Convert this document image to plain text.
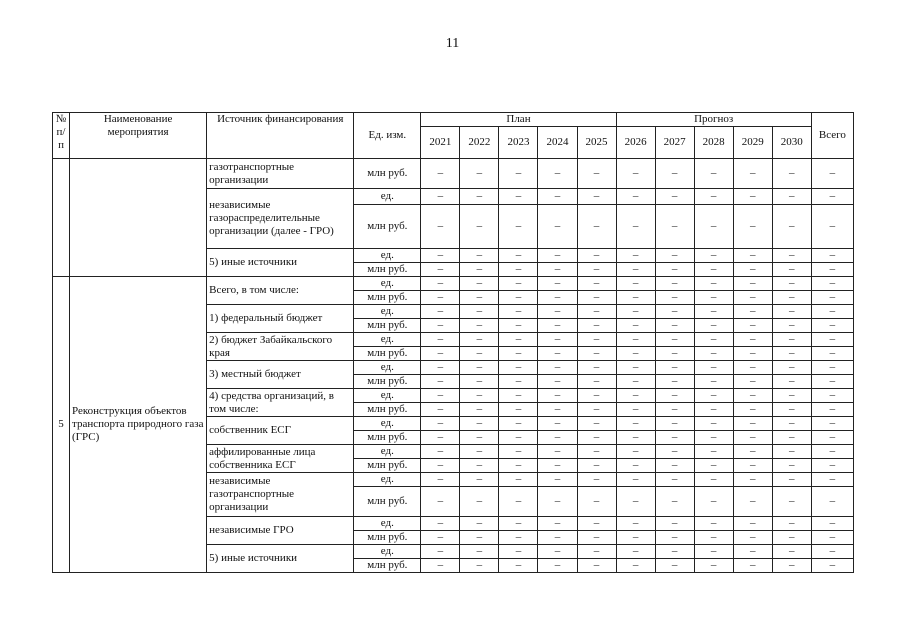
11
№ п/п	Наименование мероприятия	Источник финансирования	Ед. изм.	План					Прогноз					Всего
				2021	2022	2023	2024	2025	2026	2027	2028	2029	2030	
		газотранспортные организации	млн руб.	–	–	–	–	–	–	–	–	–	–	–
		независимые газораспределительные организации (далее - ГРО)	ед.	–	–	–	–	–	–	–	–	–	–	–
			млн руб.	–	–	–	–	–	–	–	–	–	–	–
		5) иные источники	ед.	–	–	–	–	–	–	–	–	–	–	–
			млн руб.	–	–	–	–	–	–	–	–	–	–	–
5	Реконструкция объектов транспорта природного газа (ГРС)	Всего, в том числе:	ед.	–	–	–	–	–	–	–	–	–	–	–
			млн руб.	–	–	–	–	–	–	–	–	–	–	–
		1) федеральный бюджет	ед.	–	–	–	–	–	–	–	–	–	–	–
			млн руб.	–	–	–	–	–	–	–	–	–	–	–
		2) бюджет Забайкальского края	ед.	–	–	–	–	–	–	–	–	–	–	–
			млн руб.	–	–	–	–	–	–	–	–	–	–	–
		3) местный бюджет	ед.	–	–	–	–	–	–	–	–	–	–	–
			млн руб.	–	–	–	–	–	–	–	–	–	–	–
		4) средства организаций, в том числе:	ед.	–	–	–	–	–	–	–	–	–	–	–
			млн руб.	–	–	–	–	–	–	–	–	–	–	–
		собственник ЕСГ	ед.	–	–	–	–	–	–	–	–	–	–	–
			млн руб.	–	–	–	–	–	–	–	–	–	–	–
		аффилированные лица собственника ЕСГ	ед.	–	–	–	–	–	–	–	–	–	–	–
			млн руб.	–	–	–	–	–	–	–	–	–	–	–
		независимые газотранспортные организации	ед.	–	–	–	–	–	–	–	–	–	–	–
			млн руб.	–	–	–	–	–	–	–	–	–	–	–
		независимые ГРО	ед.	–	–	–	–	–	–	–	–	–	–	–
			млн руб.	–	–	–	–	–	–	–	–	–	–	–
		5) иные источники	ед.	–	–	–	–	–	–	–	–	–	–	–
			млн руб.	–	–	–	–	–	–	–	–	–	–	–
